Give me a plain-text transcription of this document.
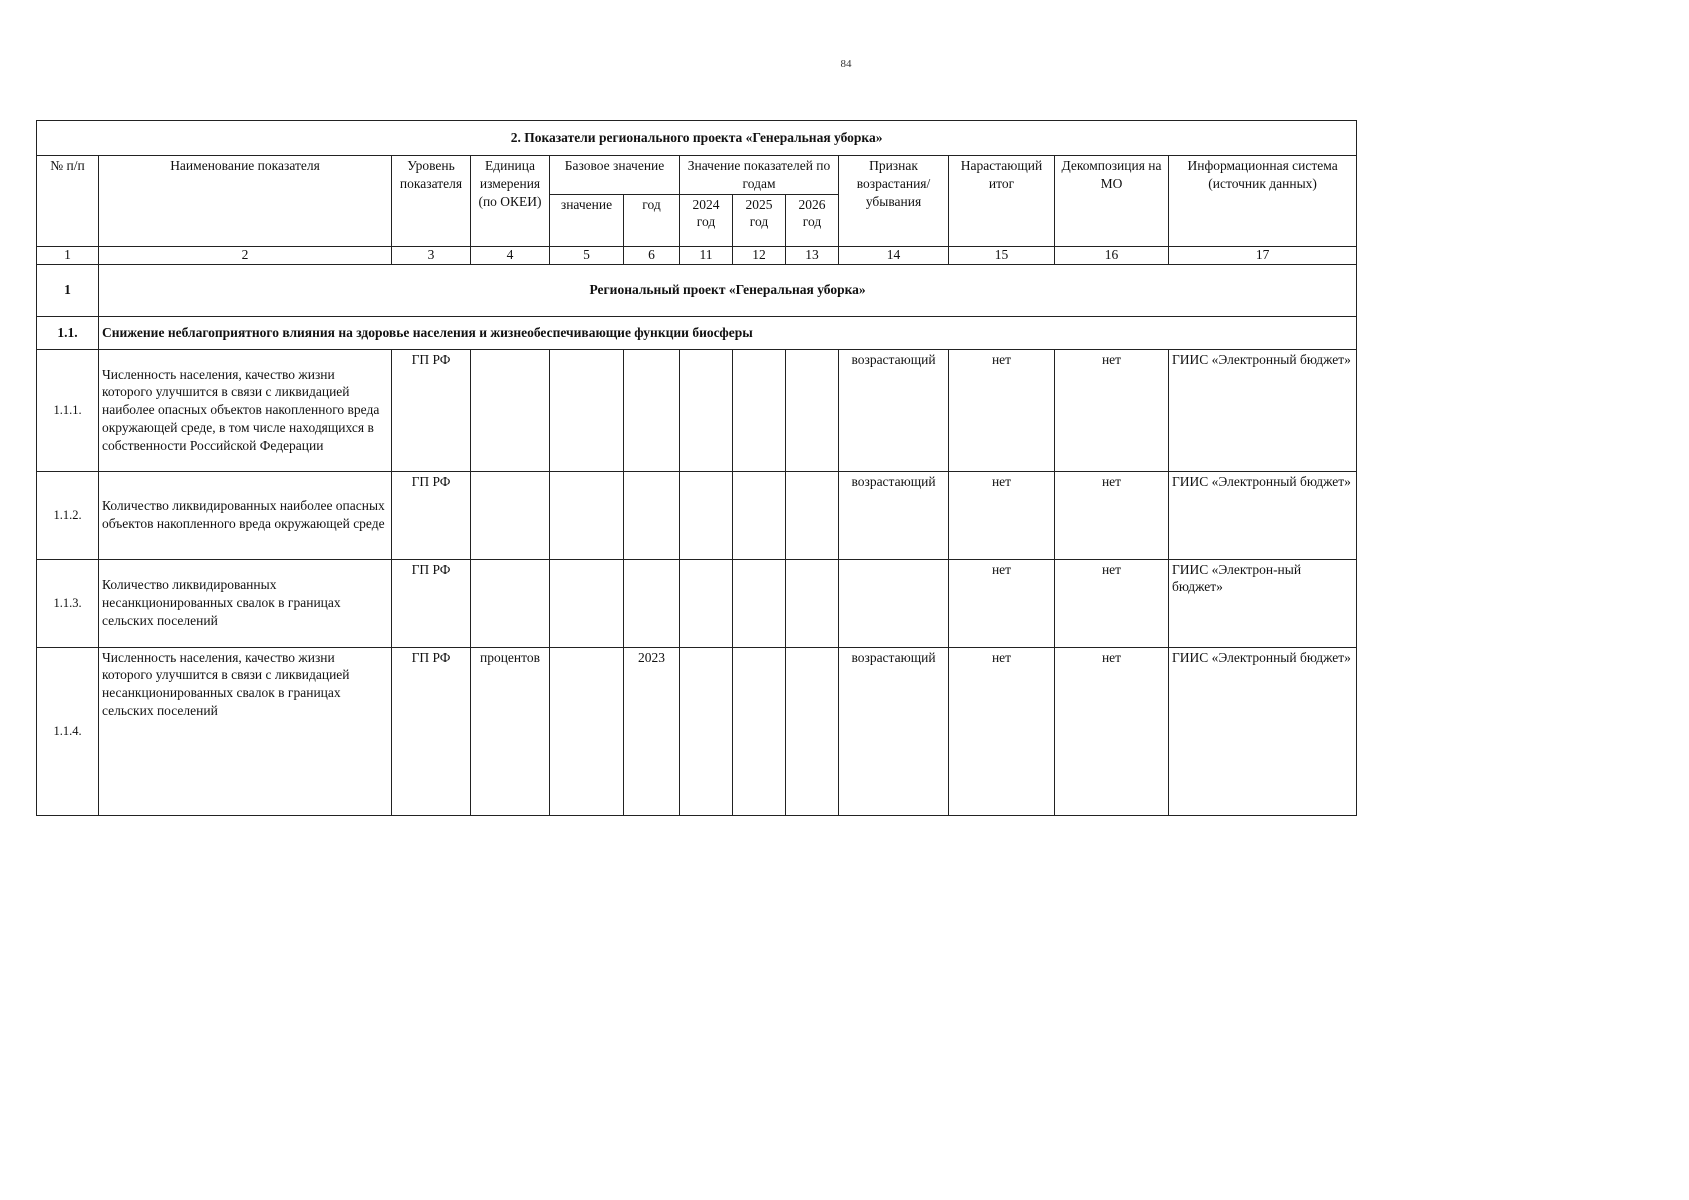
84
2. Показатели регионального проекта «Генеральная уборка»												
№ п/п	Наименование показателя	Уровень показателя	Единица измерения (по ОКЕИ)	Базовое значение		Значение показателей по годам			Признак возрастания/ убывания	Нарастающий итог	Декомпозиция на МО	Информационная система (источник данных)
				значение	год	2024 год	2025 год	2026 год				
1	2	3	4	5	6	11	12	13	14	15	16	17
1	Региональный проект «Генеральная уборка»											
1.1.	Снижение неблагоприятного влияния на здоровье населения и жизнеобеспечивающие функции биосферы											
1.1.1.	Численность населения, качество жизни которого улучшится в связи с ликвидацией наиболее опасных объектов накопленного вреда окружающей среде, в том числе находящихся в собственности Российской Федерации	ГП РФ							возрастающий	нет	нет	ГИИС «Электронный бюджет»
1.1.2.	Количество ликвидированных наиболее опасных объектов накопленного вреда окружающей среде	ГП РФ							возрастающий	нет	нет	ГИИС «Электронный бюджет»
1.1.3.	Количество ликвидированных несанкционированных свалок в границах сельских поселений	ГП РФ								нет	нет	ГИИС «Электрон-ный бюджет»
1.1.4.	Численность населения, качество жизни которого улучшится в связи с ликвидацией несанкционированных свалок в границах сельских поселений	ГП РФ	процентов		2023				возрастающий	нет	нет	ГИИС «Электронный бюджет»
